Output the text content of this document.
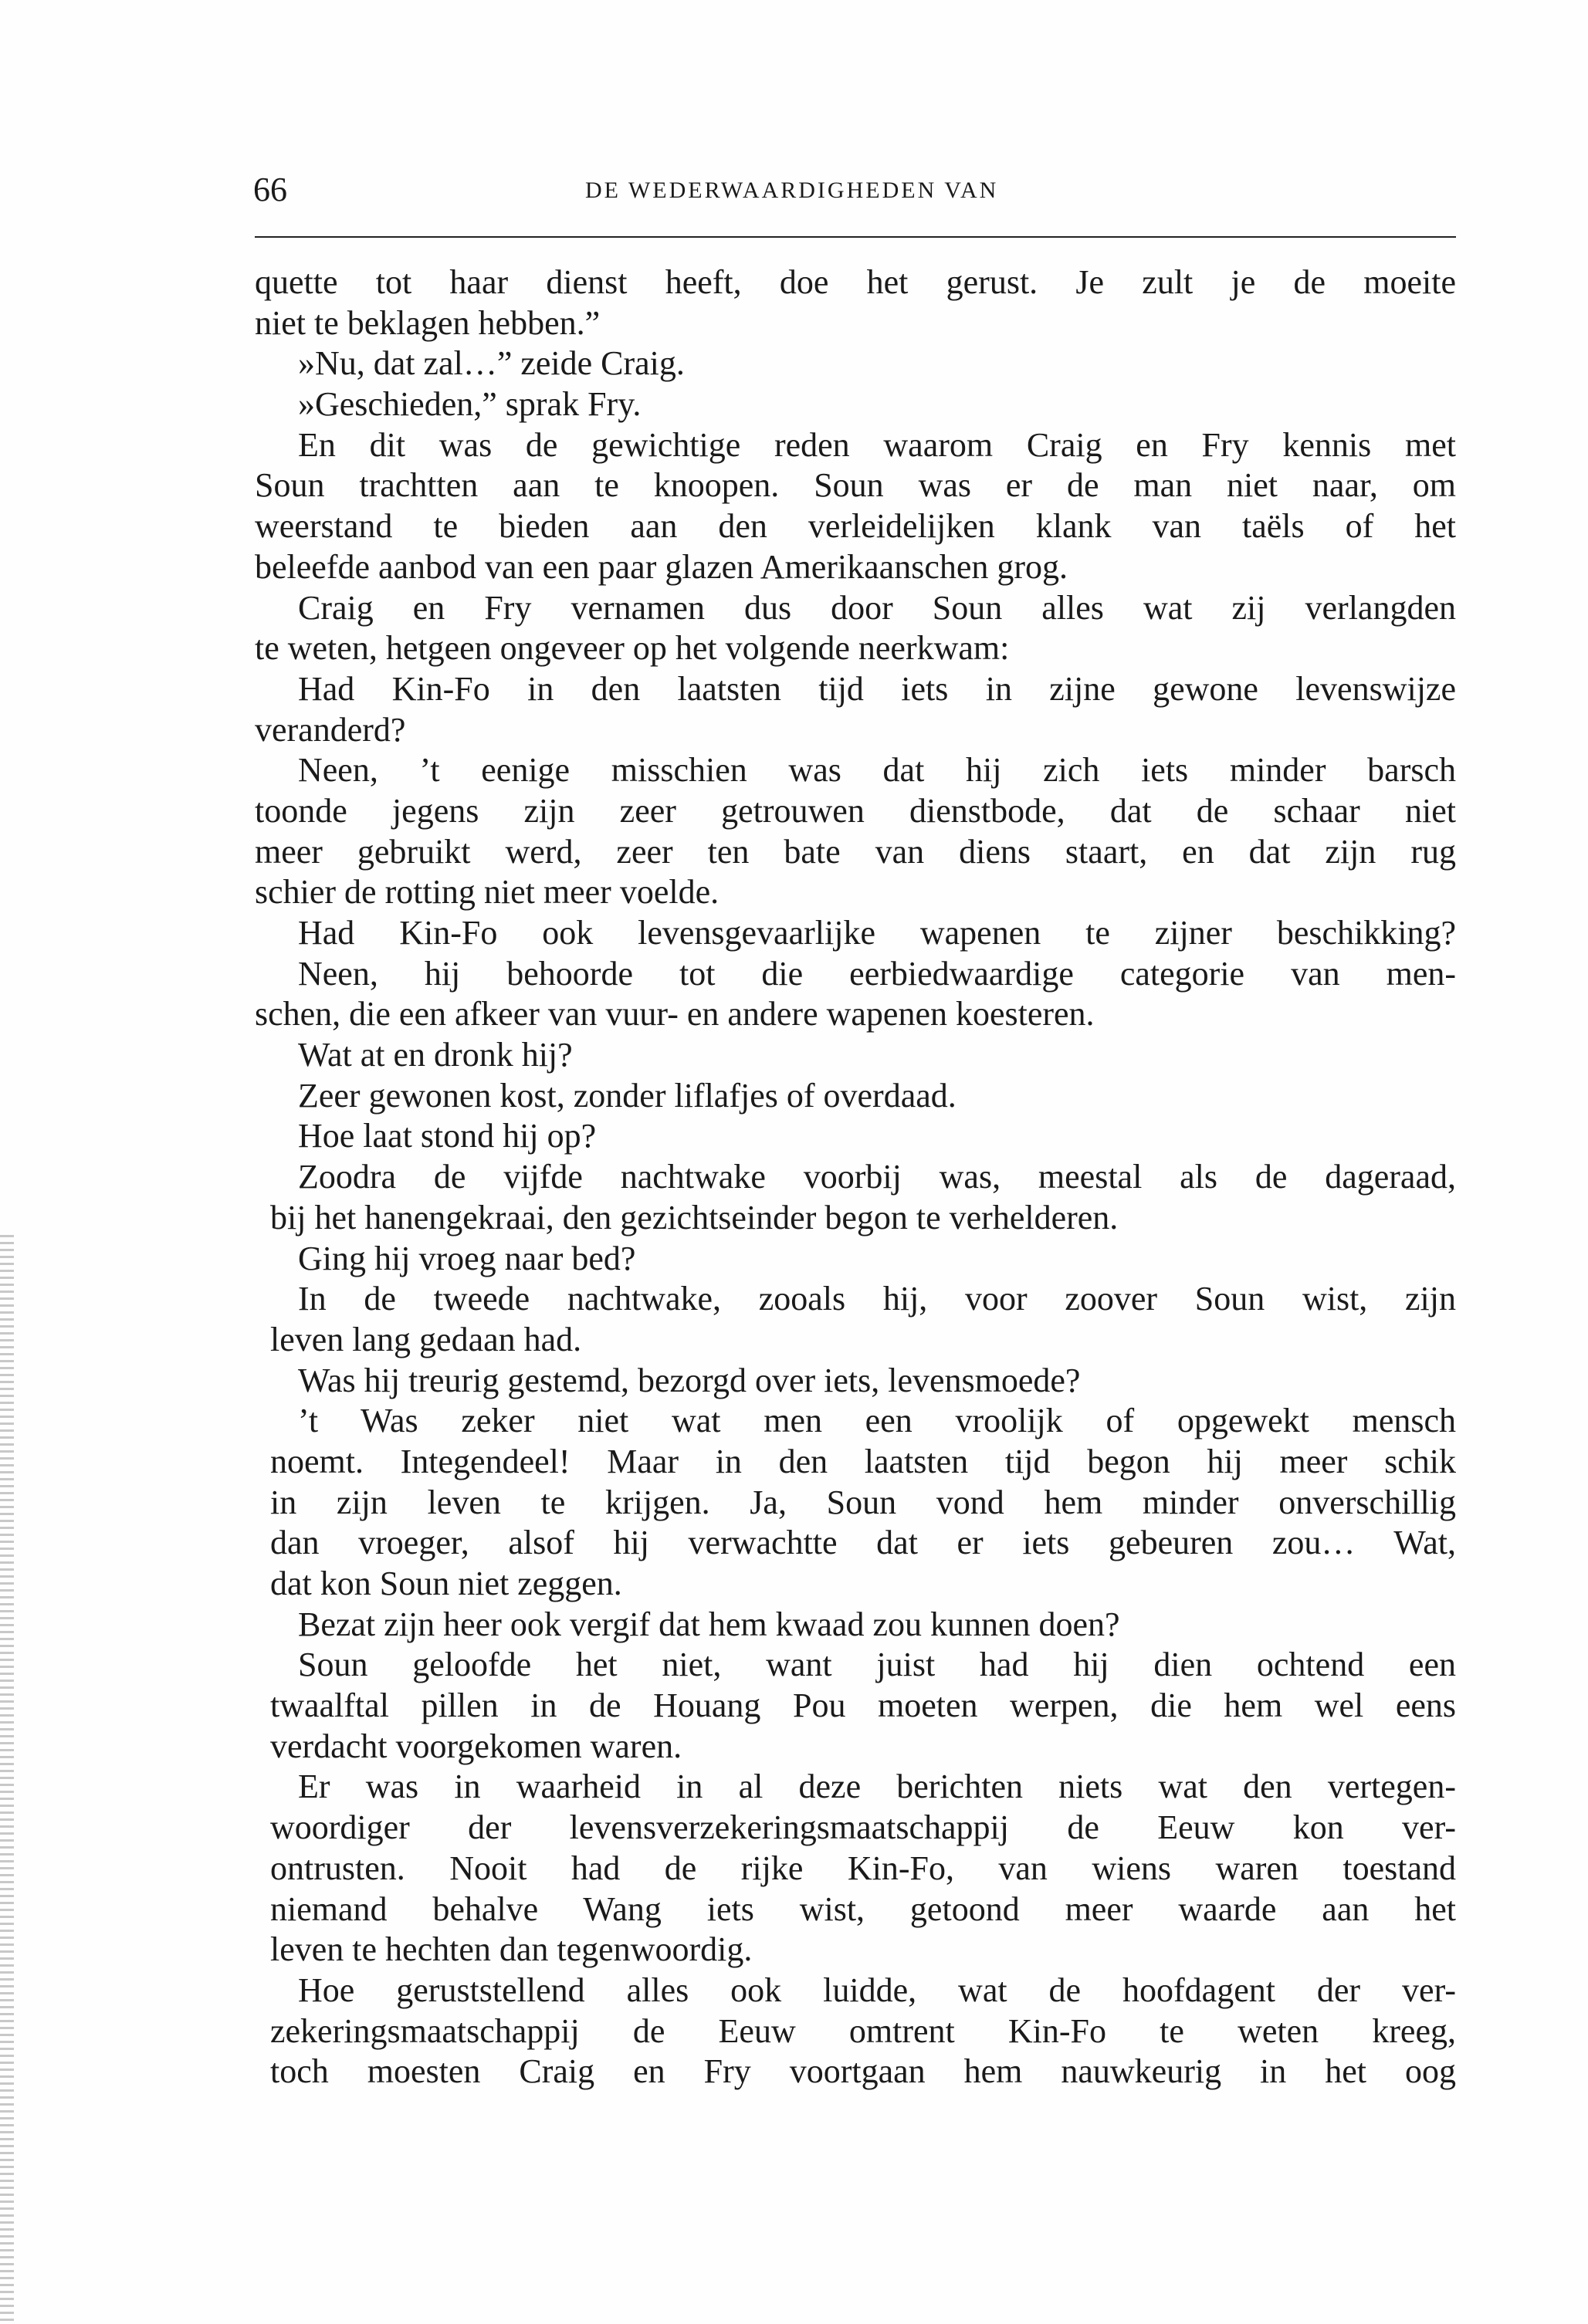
66	DE WEDERWAARDIGHEDEN VAN
quette tot haar dienst heeft, doe het gerust. Je zult je de moeite
niet te beklagen hebben.”
»Nu, dat zal…” zeide Craig.
»Geschieden,” sprak Fry.
En dit was de gewichtige reden waarom Craig en Fry kennis met
Soun trachtten aan te knoopen. Soun was er de man niet naar, om
weerstand te bieden aan den verleidelijken klank van taëls of het
beleefde aanbod van een paar glazen Amerikaanschen grog.
Craig en Fry vernamen dus door Soun alles wat zij verlangden
te weten, hetgeen ongeveer op het volgende neerkwam:
Had Kin-Fo in den laatsten tijd iets in zijne gewone levenswijze
veranderd?
Neen, ’t eenige misschien was dat hij zich iets minder barsch
toonde jegens zijn zeer getrouwen dienstbode, dat de schaar niet
meer gebruikt werd, zeer ten bate van diens staart, en dat zijn rug
schier de rotting niet meer voelde.
Had Kin-Fo ook levensgevaarlijke wapenen te zijner beschikking?
Neen, hij behoorde tot die eerbiedwaardige categorie van men-
schen, die een afkeer van vuur- en andere wapenen koesteren.
Wat at en dronk hij?
Zeer gewonen kost, zonder liflafjes of overdaad.
Hoe laat stond hij op?
Zoodra de vijfde nachtwake voorbij was, meestal als de dageraad,
bij het hanengekraai, den gezichtseinder begon te verhelderen.
Ging hij vroeg naar bed?
In de tweede nachtwake, zooals hij, voor zoover Soun wist, zijn
leven lang gedaan had.
Was hij treurig gestemd, bezorgd over iets, levensmoede?
’t Was zeker niet wat men een vroolijk of opgewekt mensch
noemt. Integendeel! Maar in den laatsten tijd begon hij meer schik
in zijn leven te krijgen. Ja, Soun vond hem minder onverschillig
dan vroeger, alsof hij verwachtte dat er iets gebeuren zou… Wat,
dat kon Soun niet zeggen.
Bezat zijn heer ook vergif dat hem kwaad zou kunnen doen?
Soun geloofde het niet, want juist had hij dien ochtend een
twaalftal pillen in de Houang Pou moeten werpen, die hem wel eens
verdacht voorgekomen waren.
Er was in waarheid in al deze berichten niets wat den vertegen-
woordiger der levensverzekeringsmaatschappij de Eeuw kon ver-
ontrusten. Nooit had de rijke Kin-Fo, van wiens waren toestand
niemand behalve Wang iets wist, getoond meer waarde aan het
leven te hechten dan tegenwoordig.
Hoe geruststellend alles ook luidde, wat de hoofdagent der ver-
zekeringsmaatschappij de Eeuw omtrent Kin-Fo te weten kreeg,
toch moesten Craig en Fry voortgaan hem nauwkeurig in het oog
